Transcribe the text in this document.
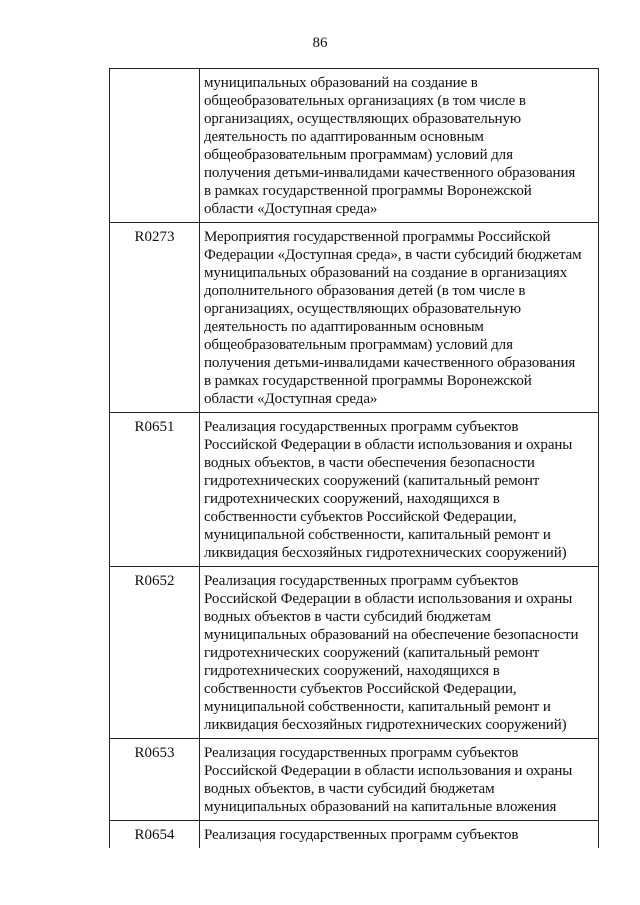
86
муниципальных образований на создание в
общеобразовательных организациях (в том числе в
организациях, осуществляющих образовательную
деятельность по адаптированным основным
общеобразовательным программам) условий для
получения детьми-инвалидами качественного образования
в рамках государственной программы Воронежской
области «Доступная среда»
R0273	Мероприятия государственной программы Российской
Федерации «Доступная среда», в части субсидий бюджетам
муниципальных образований на создание в организациях
дополнительного образования детей (в том числе в
организациях, осуществляющих образовательную
деятельность по адаптированным основным
общеобразовательным программам) условий для
получения детьми-инвалидами качественного образования
в рамках государственной программы Воронежской
области «Доступная среда»
R0651	Реализация государственных программ субъектов
Российской Федерации в области использования и охраны
водных объектов, в части обеспечения безопасности
гидротехнических сооружений (капитальный ремонт
гидротехнических сооружений, находящихся в
собственности субъектов Российской Федерации,
муниципальной собственности, капитальный ремонт и
ликвидация бесхозяйных гидротехнических сооружений)
R0652	Реализация государственных программ субъектов
Российской Федерации в области использования и охраны
водных объектов в части субсидий бюджетам
муниципальных образований на обеспечение безопасности
гидротехнических сооружений (капитальный ремонт
гидротехнических сооружений, находящихся в
собственности субъектов Российской Федерации,
муниципальной собственности, капитальный ремонт и
ликвидация бесхозяйных гидротехнических сооружений)
R0653	Реализация государственных программ субъектов
Российской Федерации в области использования и охраны
водных объектов, в части субсидий бюджетам
муниципальных образований на капитальные вложения
R0654	Реализация государственных программ субъектов
